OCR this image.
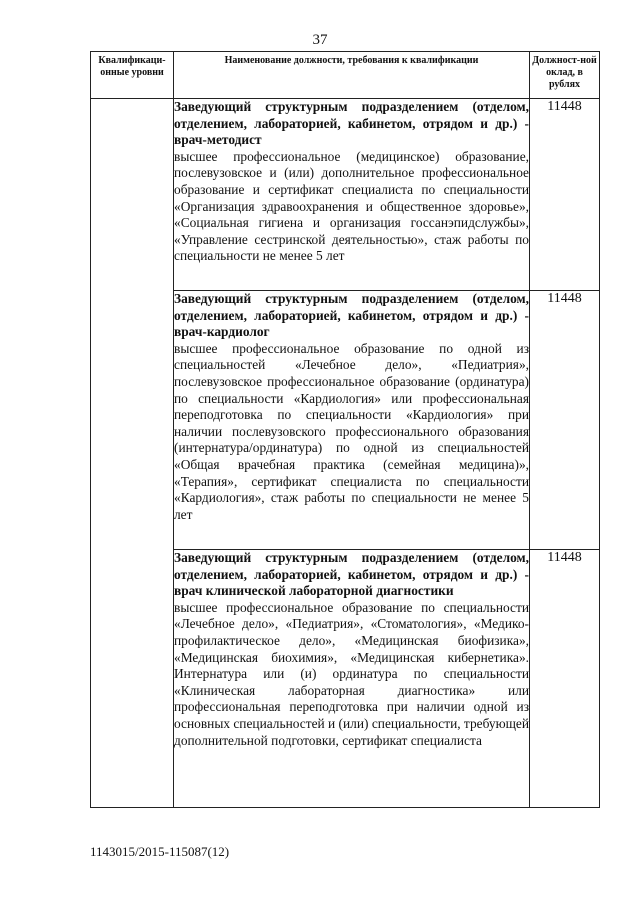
37
Квалификаци-онные уровни	Наименование должности, требования к квалификации	Должност-ной оклад, в рублях

	Заведующий структурным подразделением (отделом, отделением, лабораторией, кабинетом, отрядом и др.) - врач-методист
высшее профессиональное (медицинское) образование, послевузовское и (или) дополнительное профессиональное образование и сертификат специалиста по специальности «Организация здравоохранения и общественное здоровье», «Социальная гигиена и организация госсанэпидслужбы», «Управление сестринской деятельностью», стаж работы по специальности не менее 5 лет	11448

	Заведующий структурным подразделением (отделом, отделением, лабораторией, кабинетом, отрядом и др.) - врач-кардиолог
высшее профессиональное образование по одной из специальностей «Лечебное дело», «Педиатрия», послевузовское профессиональное образование (ординатура) по специальности «Кардиология» или профессиональная переподготовка по специальности «Кардиология» при наличии послевузовского профессионального образования (интернатура/ординатура) по одной из специальностей «Общая врачебная практика (семейная медицина)», «Терапия», сертификат специалиста по специальности «Кардиология», стаж работы по специальности не менее 5 лет	11448

	Заведующий структурным подразделением (отделом, отделением, лабораторией, кабинетом, отрядом и др.) - врач клинической лабораторной диагностики
высшее профессиональное образование по специальности «Лечебное дело», «Педиатрия», «Стоматология», «Медико-профилактическое дело», «Медицинская биофизика», «Медицинская биохимия», «Медицинская кибернетика». Интернатура или (и) ординатура по специальности «Клиническая лабораторная диагностика» или профессиональная переподготовка при наличии одной из основных специальностей и (или) специальности, требующей дополнительной подготовки, сертификат специалиста	11448
1143015/2015-115087(12)
